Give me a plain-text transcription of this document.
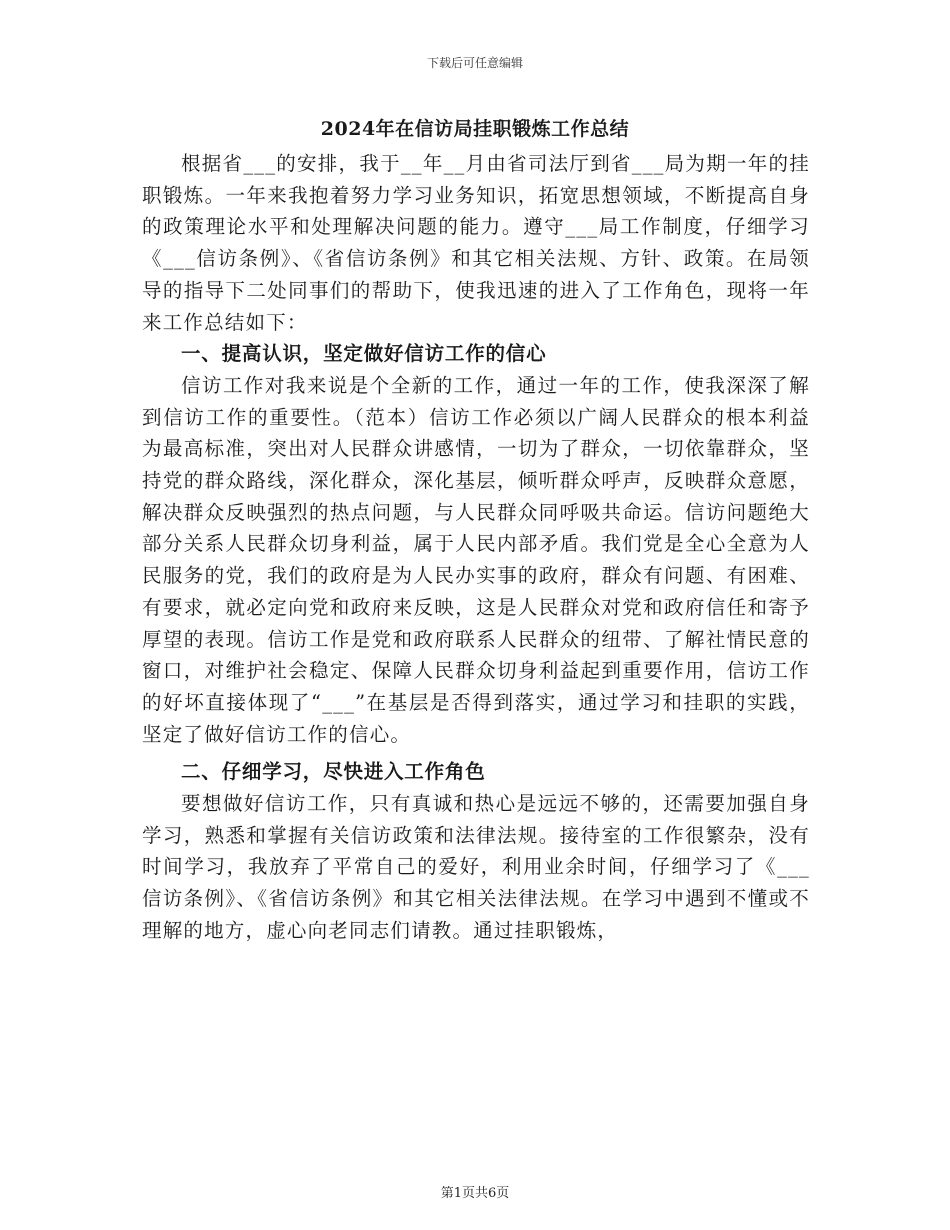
下载后可任意编辑
2024年在信访局挂职锻炼工作总结

根据省___的安排，我于__年__月由省司法厅到省___局为期一年的挂职锻炼。一年来我抱着努力学习业务知识，拓宽思想领域，不断提高自身的政策理论水平和处理解决问题的能力。遵守___局工作制度，仔细学习《___信访条例》、《省信访条例》和其它相关法规、方针、政策。在局领导的指导下二处同事们的帮助下，使我迅速的进入了工作角色，现将一年来工作总结如下：

一、提高认识，坚定做好信访工作的信心

信访工作对我来说是个全新的工作，通过一年的工作，使我深深了解到信访工作的重要性。（范本）信访工作必须以广阔人民群众的根本利益为最高标准，突出对人民群众讲感情，一切为了群众，一切依靠群众，坚持党的群众路线，深化群众，深化基层，倾听群众呼声，反映群众意愿，解决群众反映强烈的热点问题，与人民群众同呼吸共命运。信访问题绝大部分关系人民群众切身利益，属于人民内部矛盾。我们党是全心全意为人民服务的党，我们的政府是为人民办实事的政府，群众有问题、有困难、有要求，就必定向党和政府来反映，这是人民群众对党和政府信任和寄予厚望的表现。信访工作是党和政府联系人民群众的纽带、了解社情民意的窗口，对维护社会稳定、保障人民群众切身利益起到重要作用，信访工作的好坏直接体现了“___”在基层是否得到落实，通过学习和挂职的实践，坚定了做好信访工作的信心。

二、仔细学习，尽快进入工作角色

要想做好信访工作，只有真诚和热心是远远不够的，还需要加强自身学习，熟悉和掌握有关信访政策和法律法规。接待室的工作很繁杂，没有时间学习，我放弃了平常自己的爱好，利用业余时间，仔细学习了《___信访条例》、《省信访条例》和其它相关法律法规。在学习中遇到不懂或不理解的地方，虚心向老同志们请教。通过挂职锻炼，

第1页共6页
